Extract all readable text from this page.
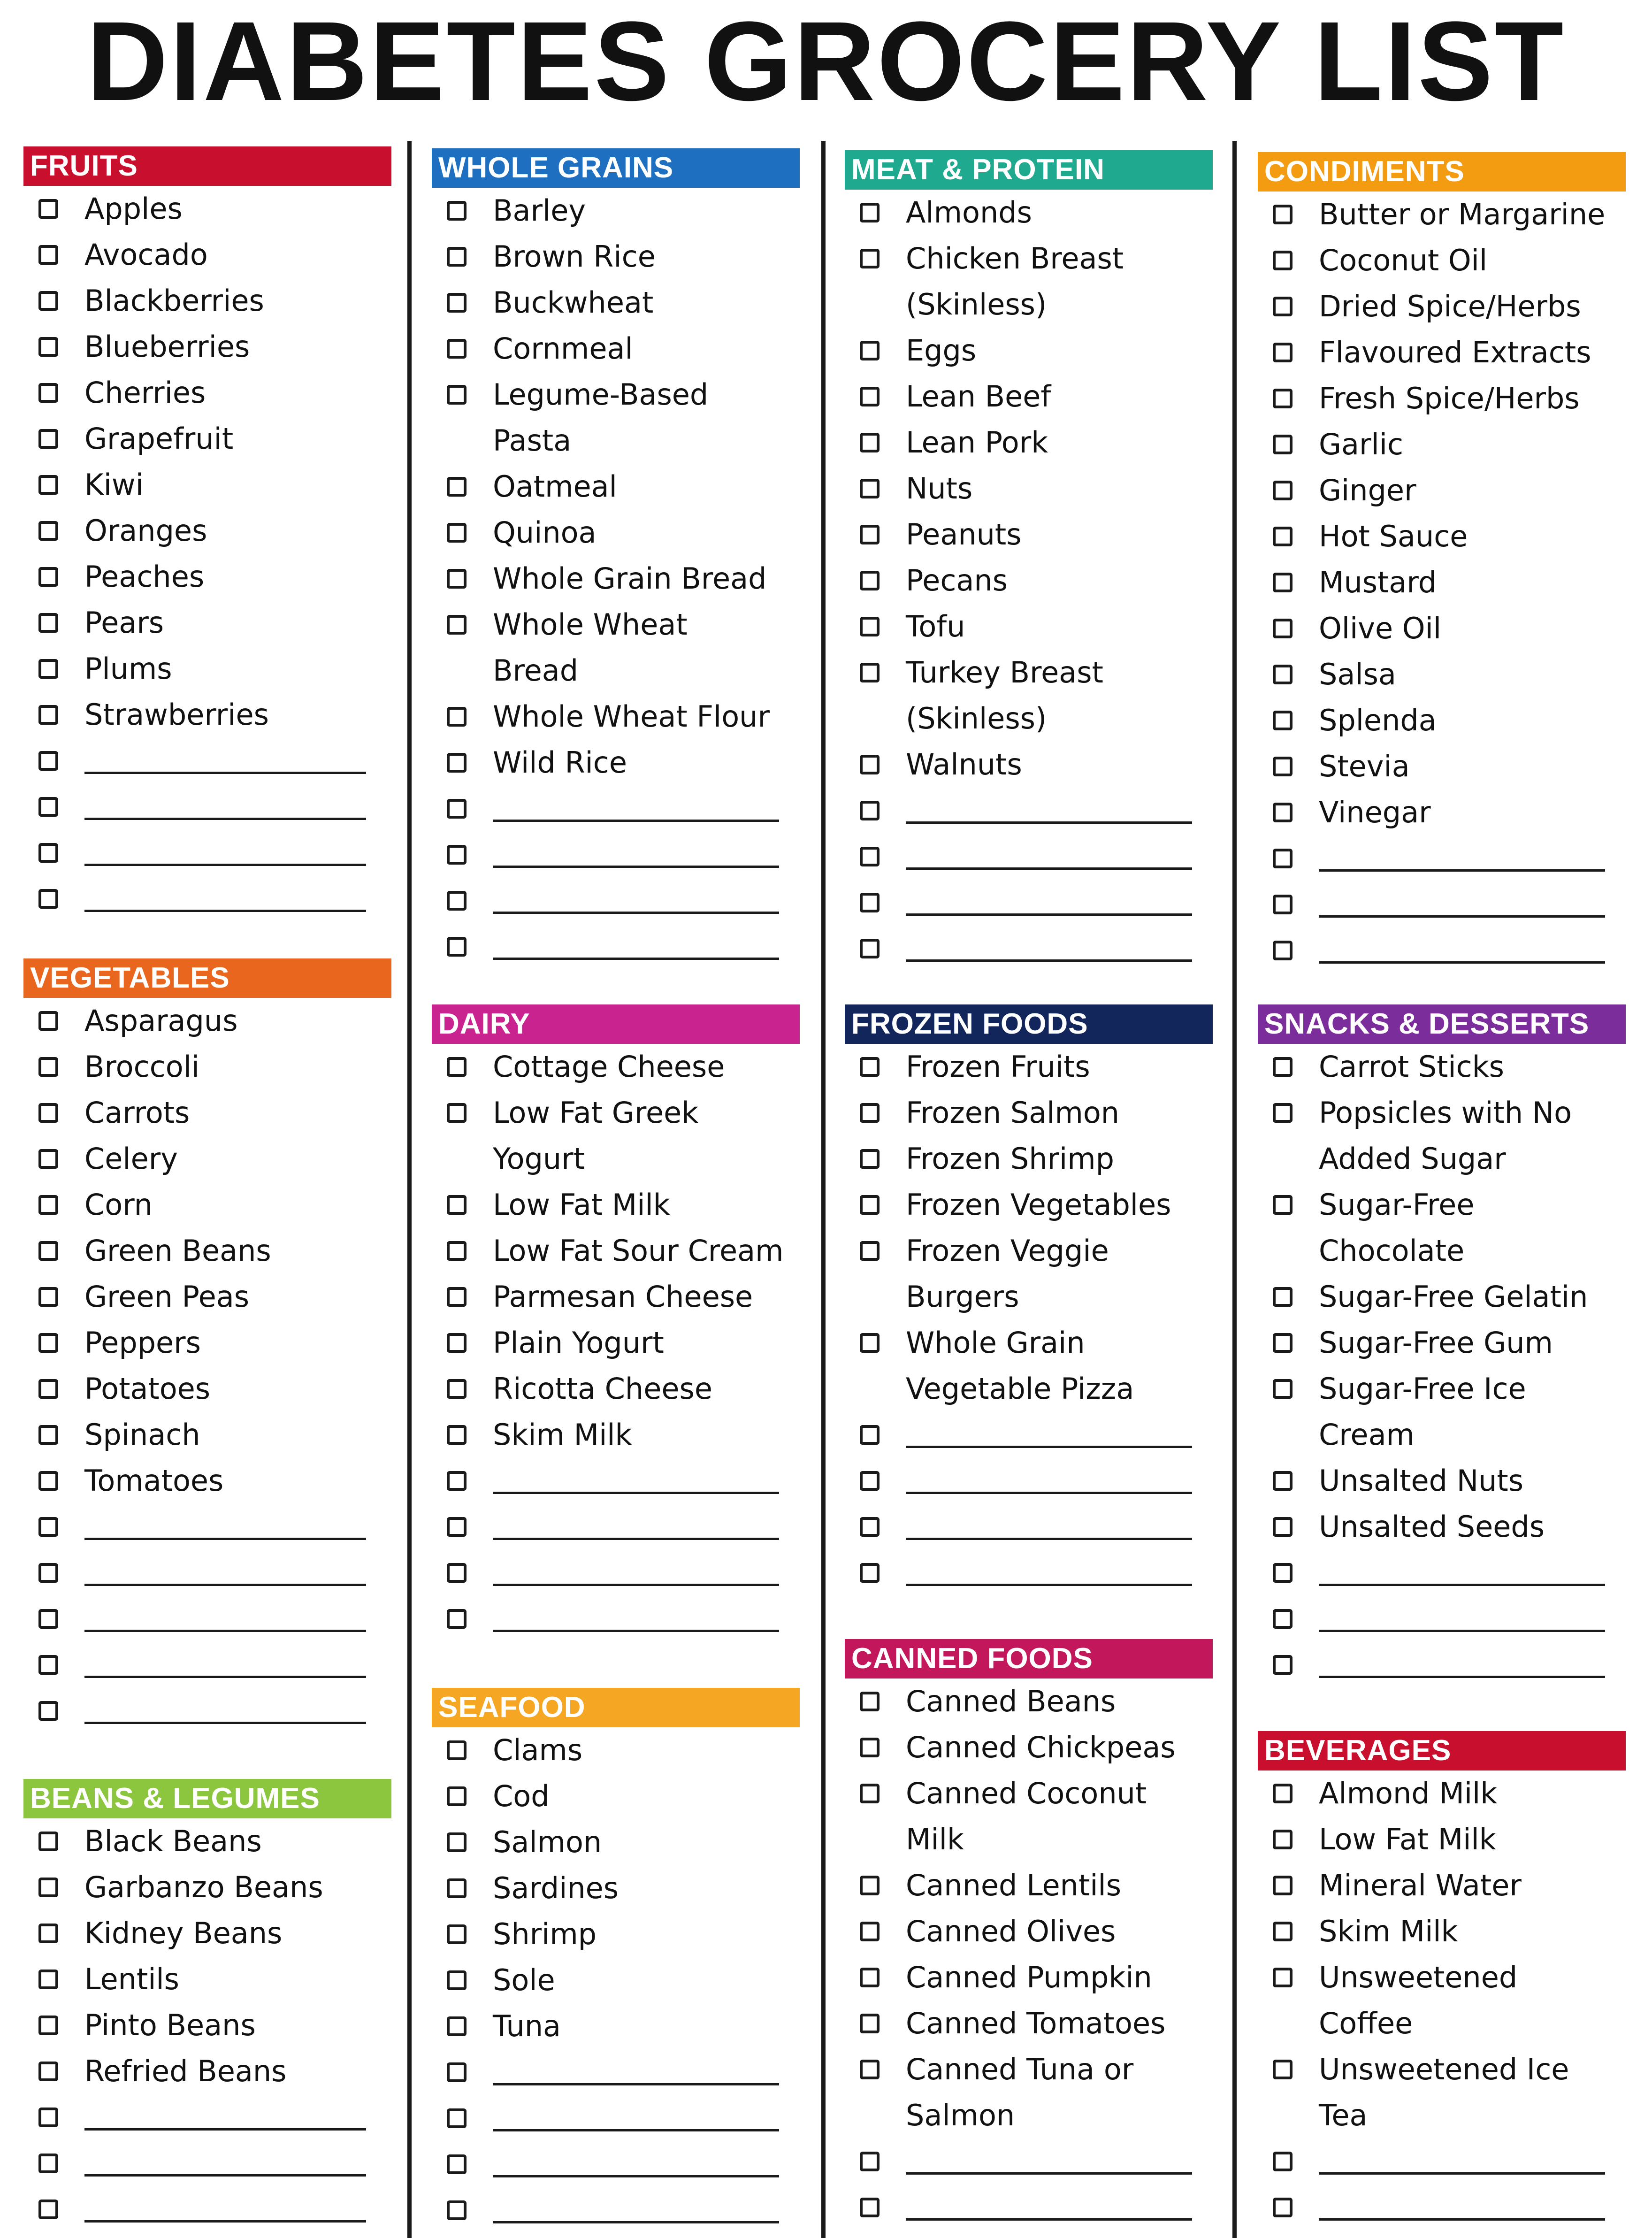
DIABETES GROCERY LIST
FRUITS
Apples
Avocado
Blackberries
Blueberries
Cherries
Grapefruit
Kiwi
Oranges
Peaches
Pears
Plums
Strawberries
VEGETABLES
Asparagus
Broccoli
Carrots
Celery
Corn
Green Beans
Green Peas
Peppers
Potatoes
Spinach
Tomatoes
BEANS & LEGUMES
Black Beans
Garbanzo Beans
Kidney Beans
Lentils
Pinto Beans
Refried Beans
WHOLE GRAINS
Barley
Brown Rice
Buckwheat
Cornmeal
Legume-Based
Pasta
Oatmeal
Quinoa
Whole Grain Bread
Whole Wheat
Bread
Whole Wheat Flour
Wild Rice
DAIRY
Cottage Cheese
Low Fat Greek
Yogurt
Low Fat Milk
Low Fat Sour Cream
Parmesan Cheese
Plain Yogurt
Ricotta Cheese
Skim Milk
SEAFOOD
Clams
Cod
Salmon
Sardines
Shrimp
Sole
Tuna
MEAT & PROTEIN
Almonds
Chicken Breast
(Skinless)
Eggs
Lean Beef
Lean Pork
Nuts
Peanuts
Pecans
Tofu
Turkey Breast
(Skinless)
Walnuts
FROZEN FOODS
Frozen Fruits
Frozen Salmon
Frozen Shrimp
Frozen Vegetables
Frozen Veggie
Burgers
Whole Grain
Vegetable Pizza
CANNED FOODS
Canned Beans
Canned Chickpeas
Canned Coconut
Milk
Canned Lentils
Canned Olives
Canned Pumpkin
Canned Tomatoes
Canned Tuna or
Salmon
CONDIMENTS
Butter or Margarine
Coconut Oil
Dried Spice/Herbs
Flavoured Extracts
Fresh Spice/Herbs
Garlic
Ginger
Hot Sauce
Mustard
Olive Oil
Salsa
Splenda
Stevia
Vinegar
SNACKS & DESSERTS
Carrot Sticks
Popsicles with No
Added Sugar
Sugar-Free
Chocolate
Sugar-Free Gelatin
Sugar-Free Gum
Sugar-Free Ice
Cream
Unsalted Nuts
Unsalted Seeds
BEVERAGES
Almond Milk
Low Fat Milk
Mineral Water
Skim Milk
Unsweetened
Coffee
Unsweetened Ice
Tea
